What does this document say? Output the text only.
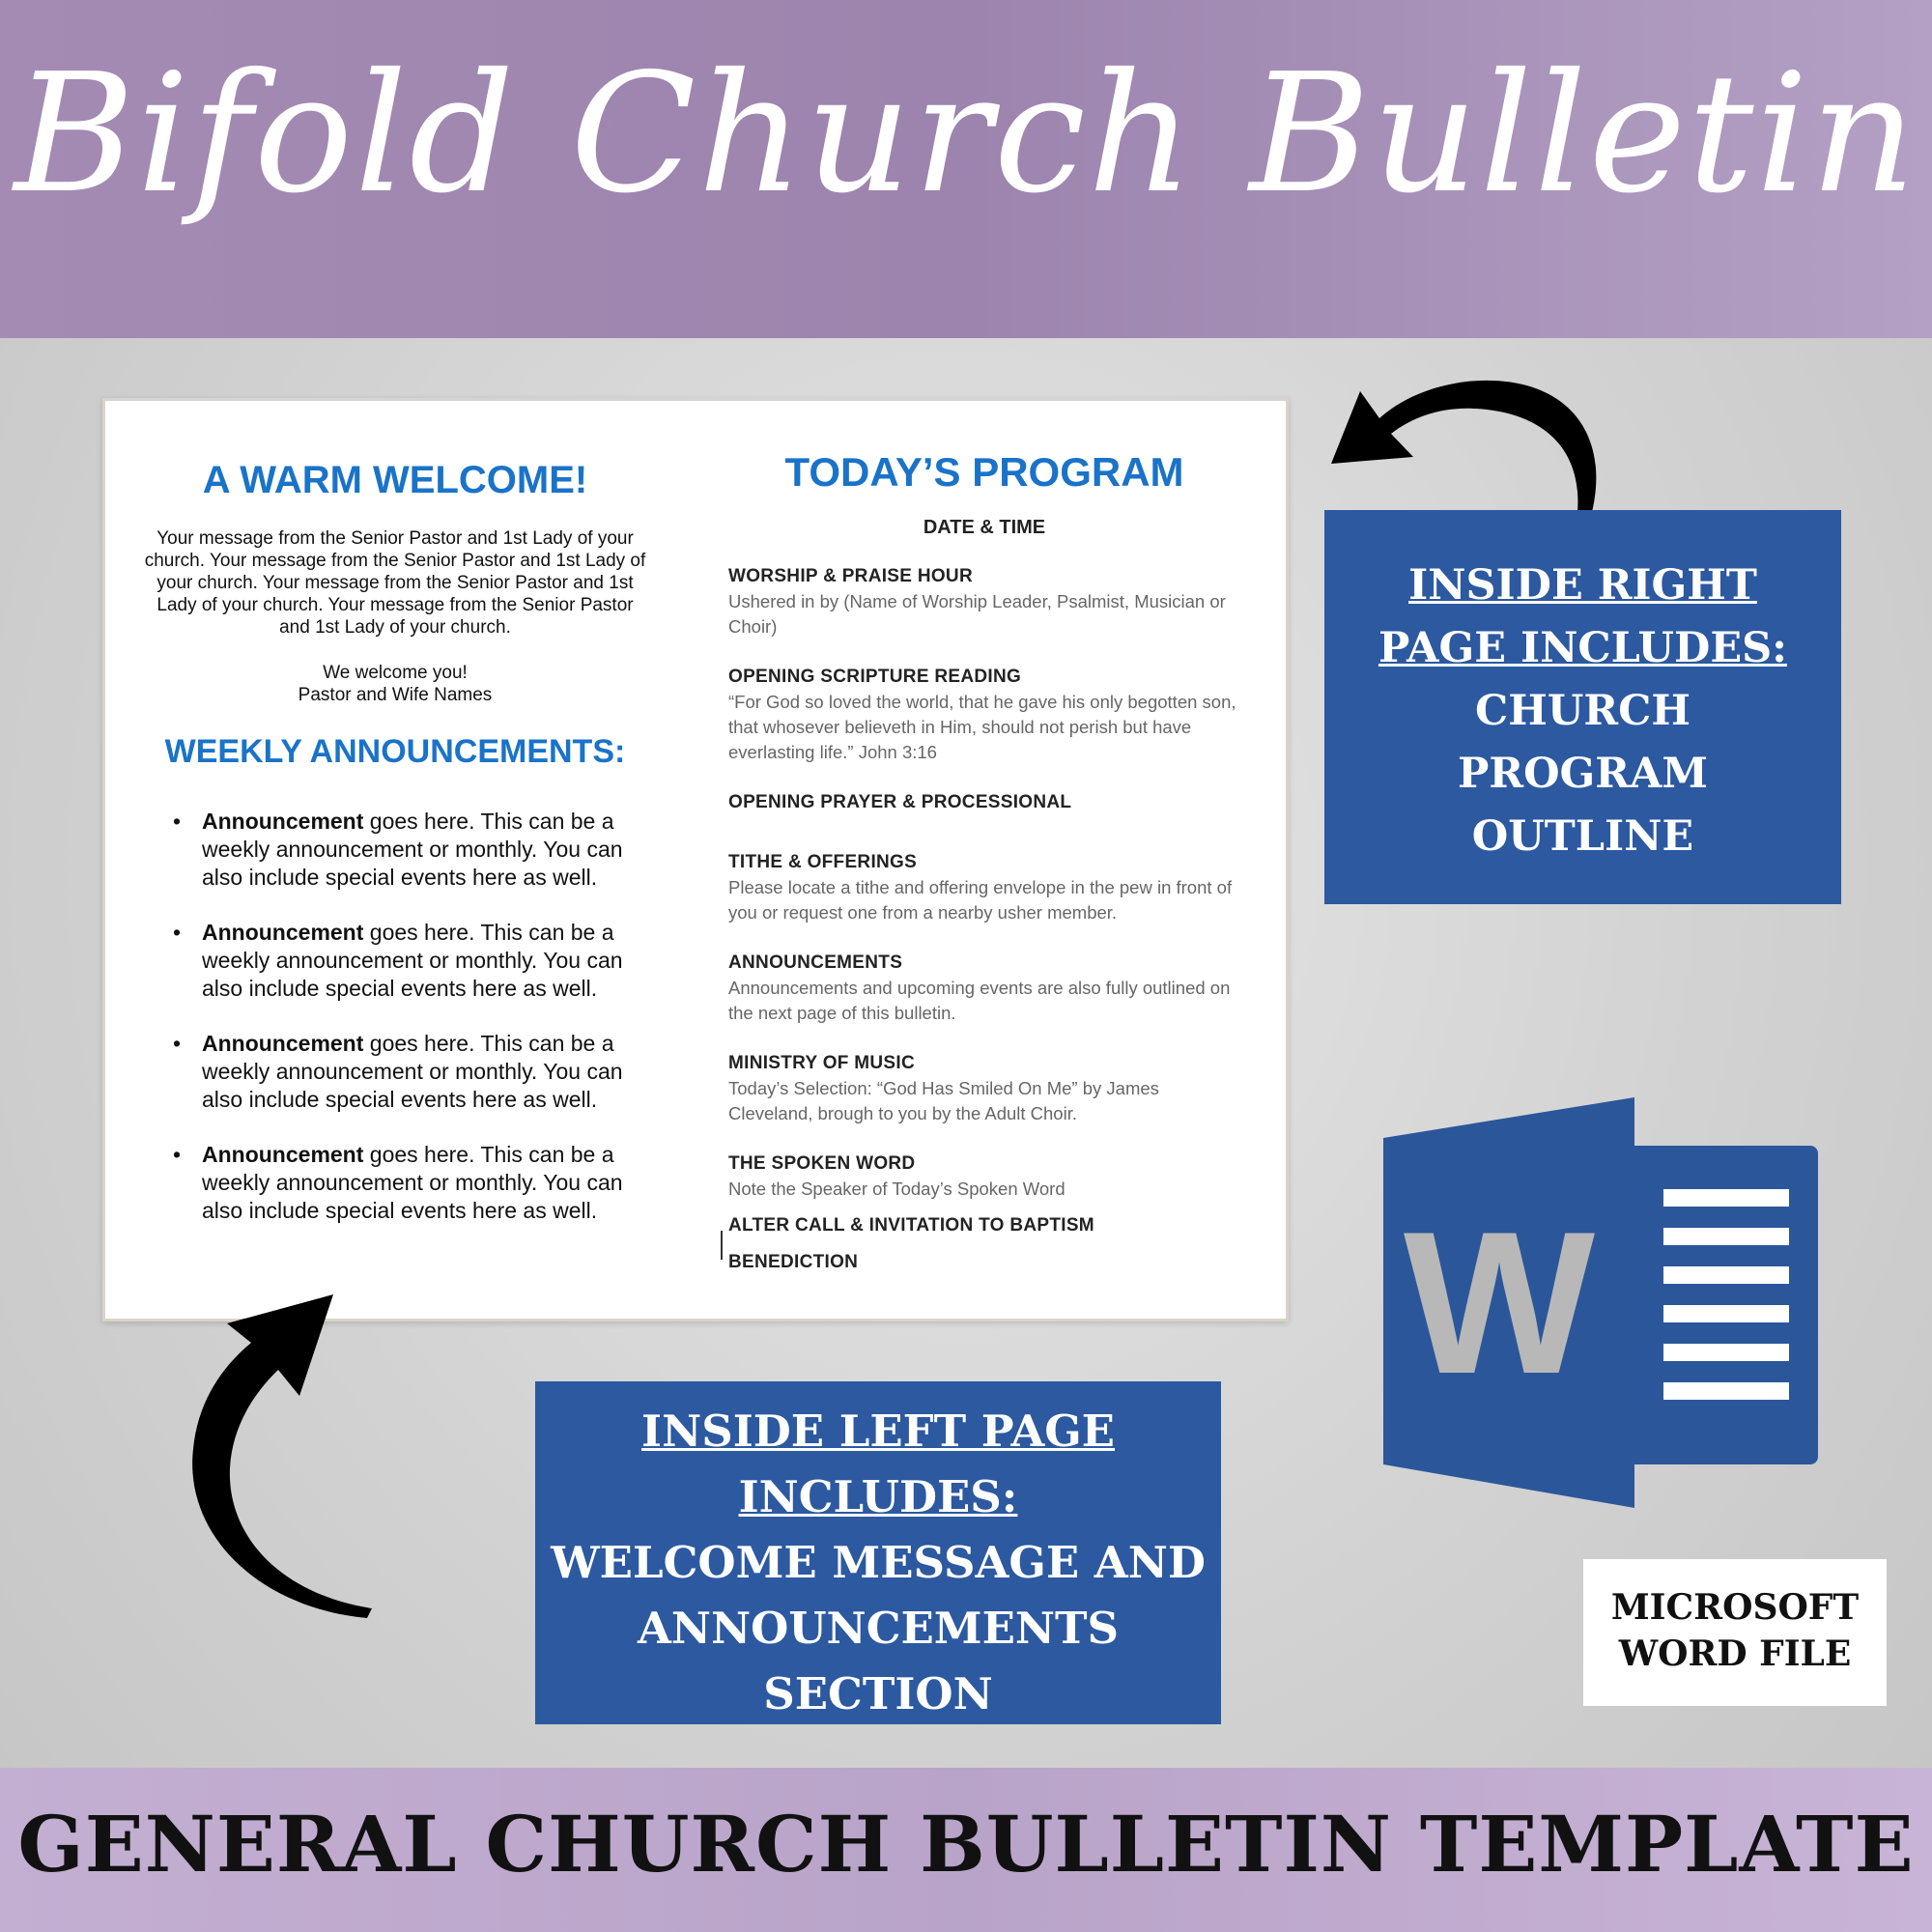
Bifold Church Bulletin
A WARM WELCOME!
Your message from the Senior Pastor and 1st Lady of your church. Your message from the Senior Pastor and 1st Lady of your church. Your message from the Senior Pastor and 1st Lady of your church. Your message from the Senior Pastor and 1st Lady of your church.
We welcome you!
Pastor and Wife Names
WEEKLY ANNOUNCEMENTS:
• Announcement goes here. This can be a weekly announcement or monthly. You can also include special events here as well.
• Announcement goes here. This can be a weekly announcement or monthly. You can also include special events here as well.
• Announcement goes here. This can be a weekly announcement or monthly. You can also include special events here as well.
• Announcement goes here. This can be a weekly announcement or monthly. You can also include special events here as well.
TODAY’S PROGRAM
DATE & TIME
WORSHIP & PRAISE HOUR
Ushered in by (Name of Worship Leader, Psalmist, Musician or Choir)
OPENING SCRIPTURE READING
“For God so loved the world, that he gave his only begotten son, that whosever believeth in Him, should not perish but have everlasting life.” John 3:16
OPENING PRAYER & PROCESSIONAL
TITHE & OFFERINGS
Please locate a tithe and offering envelope in the pew in front of you or request one from a nearby usher member.
ANNOUNCEMENTS
Announcements and upcoming events are also fully outlined on the next page of this bulletin.
MINISTRY OF MUSIC
Today’s Selection: “God Has Smiled On Me” by James Cleveland, brough to you by the Adult Choir.
THE SPOKEN WORD
Note the Speaker of Today’s Spoken Word
ALTER CALL & INVITATION TO BAPTISM
BENEDICTION
INSIDE RIGHT
PAGE INCLUDES:
CHURCH
PROGRAM
OUTLINE
INSIDE LEFT PAGE
INCLUDES:
WELCOME MESSAGE AND
ANNOUNCEMENTS
SECTION
W
MICROSOFT
WORD FILE
GENERAL CHURCH BULLETIN TEMPLATE
